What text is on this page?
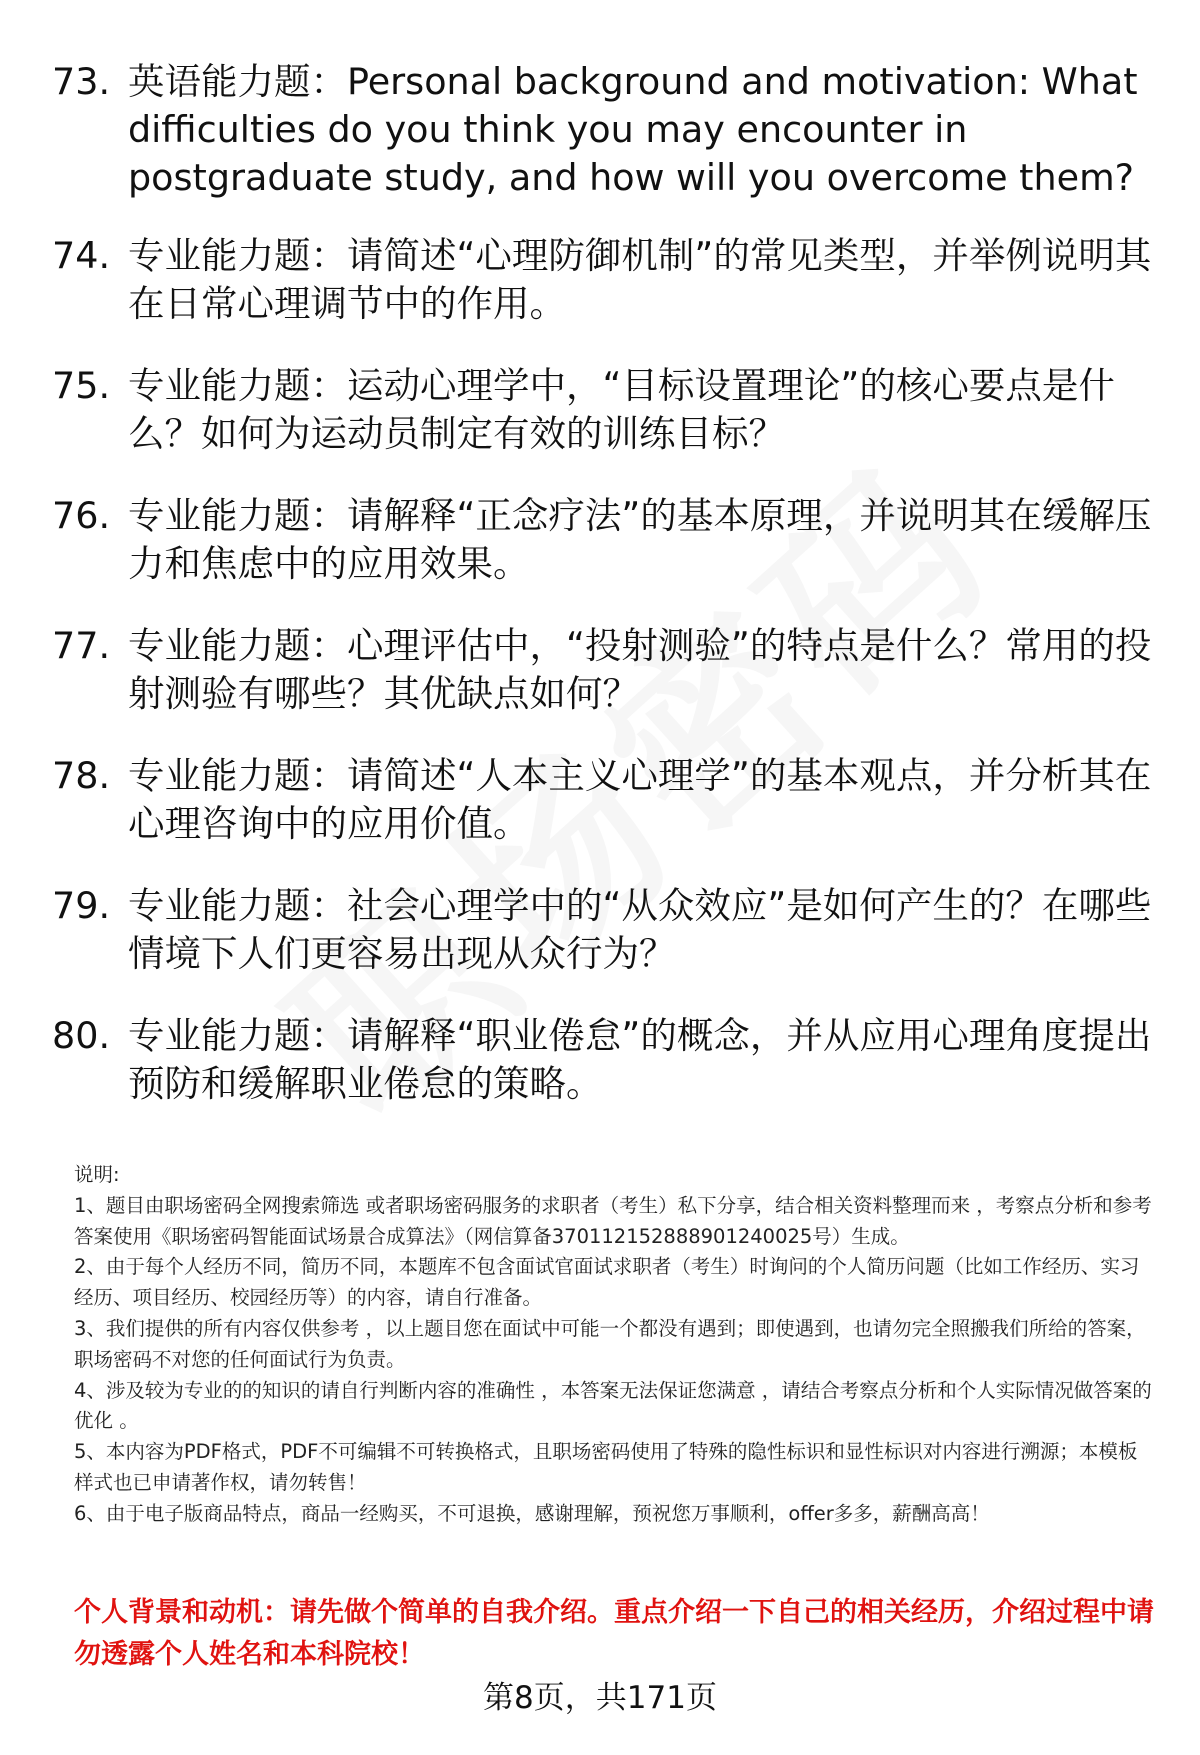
73. 英语能力题：Personal background and motivation: What difficulties do you think you may encounter in postgraduate study, and how will you overcome them?
74. 专业能力题：请简述“心理防御机制”的常见类型，并举例说明其在日常心理调节中的作用。
75. 专业能力题：运动心理学中，“目标设置理论”的核心要点是什么？如何为运动员制定有效的训练目标？
76. 专业能力题：请解释“正念疗法”的基本原理，并说明其在缓解压力和焦虑中的应用效果。
77. 专业能力题：心理评估中，“投射测验”的特点是什么？常用的投射测验有哪些？其优缺点如何？
78. 专业能力题：请简述“人本主义心理学”的基本观点，并分析其在心理咨询中的应用价值。
79. 专业能力题：社会心理学中的“从众效应”是如何产生的？在哪些情境下人们更容易出现从众行为？
80. 专业能力题：请解释“职业倦怠”的概念，并从应用心理角度提出预防和缓解职业倦怠的策略。

说明:

1、题目由职场密码全网搜索筛选 或者职场密码服务的求职者（考生）私下分享，结合相关资料整理而来 ，考察点分析和参考答案使用《职场密码智能面试场景合成算法》（网信算备370112152888901240025号）生成。

2、由于每个人经历不同，简历不同，本题库不包含面试官面试求职者（考生）时询问的个人简历问题（比如工作经历、实习经历、项目经历、校园经历等）的内容，请自行准备。

3、我们提供的所有内容仅供参考 ，以上题目您在面试中可能一个都没有遇到；即使遇到，也请勿完全照搬我们所给的答案，职场密码不对您的任何面试行为负责。

4、涉及较为专业的的知识的请自行判断内容的准确性 ，本答案无法保证您满意 ，请结合考察点分析和个人实际情况做答案的优化 。

5、本内容为PDF格式，PDF不可编辑不可转换格式，且职场密码使用了特殊的隐性标识和显性标识对内容进行溯源；本模板样式也已申请著作权，请勿转售！

6、由于电子版商品特点，商品一经购买，不可退换，感谢理解，预祝您万事顺利，offer多多，薪酬高高！

个人背景和动机：请先做个简单的自我介绍。重点介绍一下自己的相关经历，介绍过程中请勿透露个人姓名和本科院校！
第8页，共171页
